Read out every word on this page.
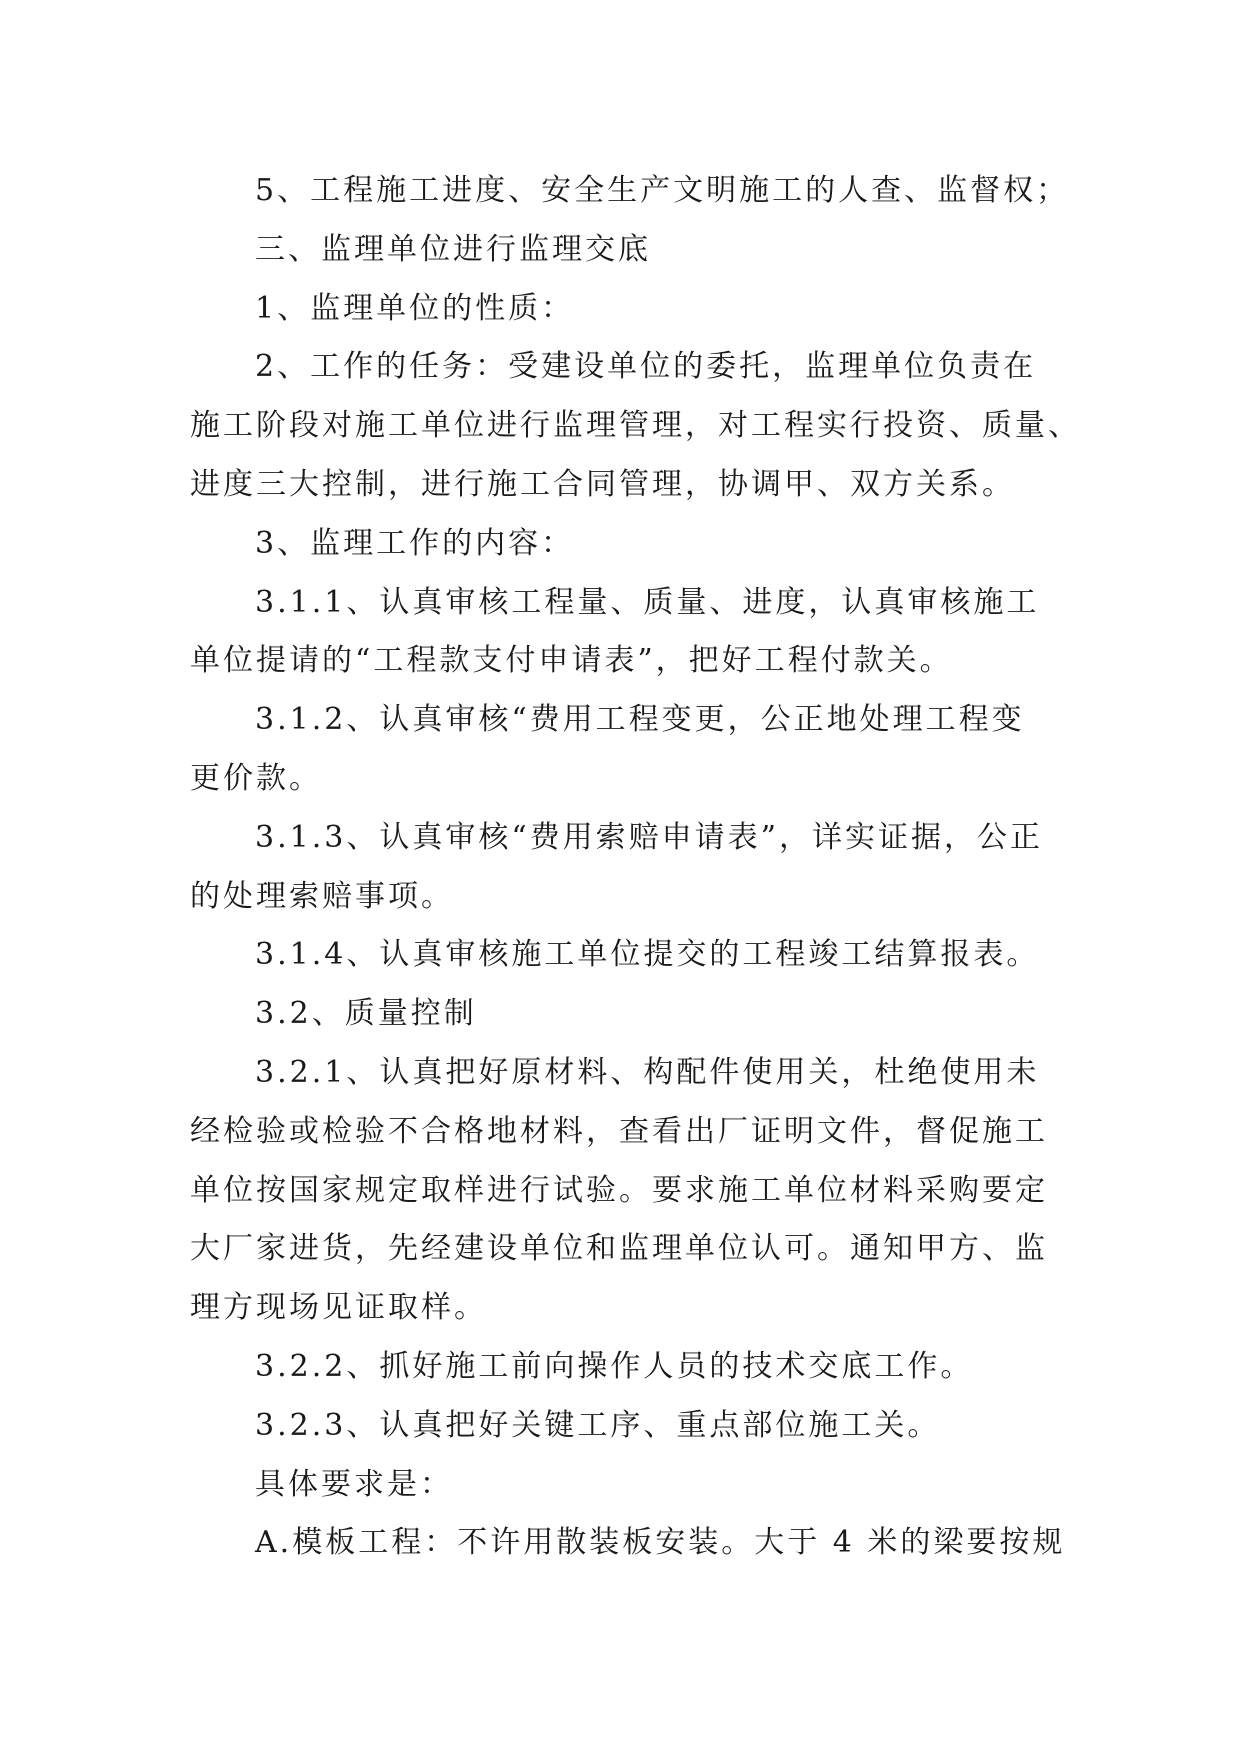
5、工程施工进度、安全生产文明施工的人查、监督权；

三、监理单位进行监理交底

1、监理单位的性质：

2、工作的任务：受建设单位的委托，监理单位负责在

施工阶段对施工单位进行监理管理，对工程实行投资、质量、

进度三大控制，进行施工合同管理，协调甲、双方关系。

3、监理工作的内容：

3.1.1、认真审核工程量、质量、进度，认真审核施工

单位提请的“工程款支付申请表”，把好工程付款关。

3.1.2、认真审核“费用工程变更，公正地处理工程变

更价款。

3.1.3、认真审核“费用索赔申请表”，详实证据，公正

的处理索赔事项。

3.1.4、认真审核施工单位提交的工程竣工结算报表。

3.2、质量控制

3.2.1、认真把好原材料、构配件使用关，杜绝使用未

经检验或检验不合格地材料，查看出厂证明文件，督促施工

单位按国家规定取样进行试验。要求施工单位材料采购要定

大厂家进货，先经建设单位和监理单位认可。通知甲方、监

理方现场见证取样。

3.2.2、抓好施工前向操作人员的技术交底工作。

3.2.3、认真把好关键工序、重点部位施工关。

具体要求是：

A.模板工程：不许用散装板安装。大于 4 米的梁要按规
